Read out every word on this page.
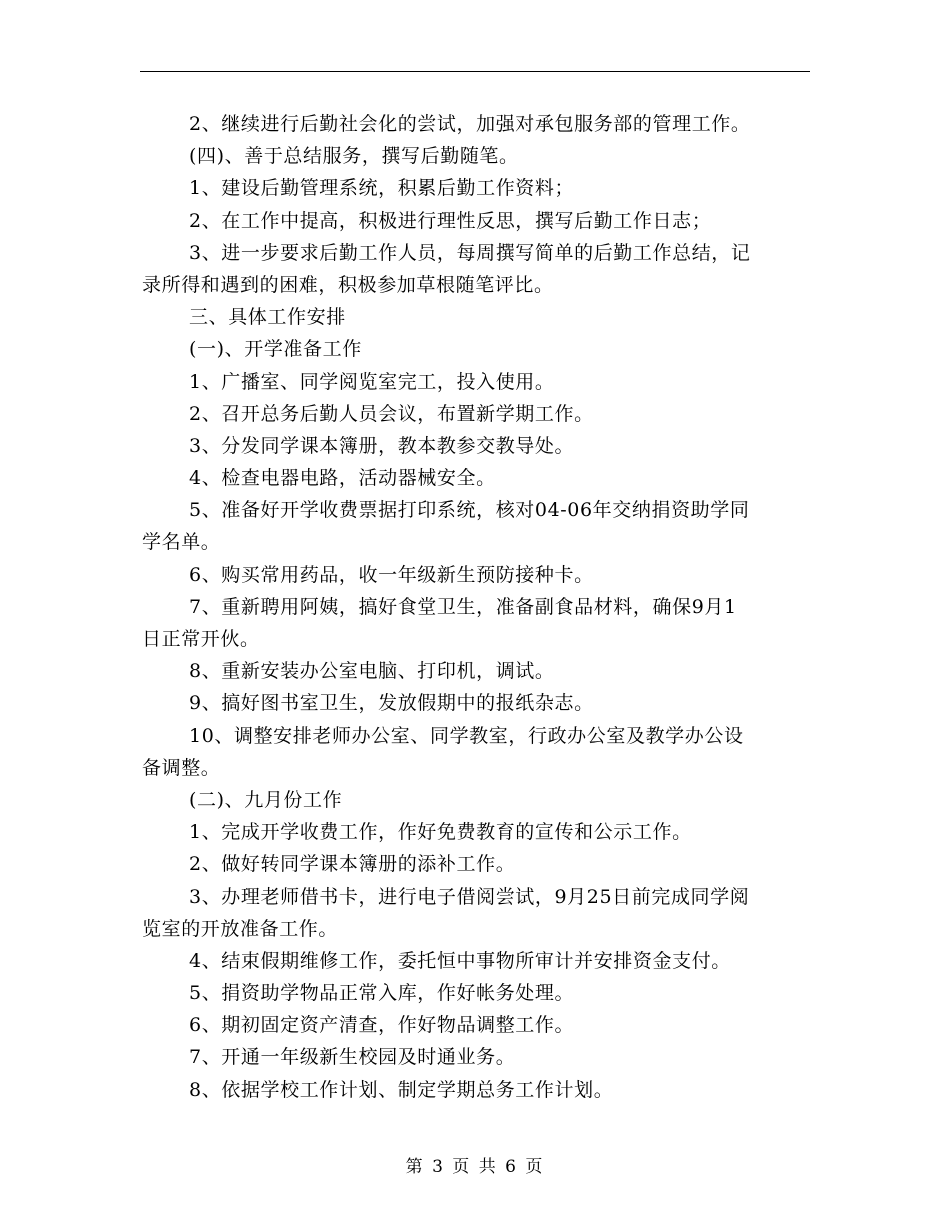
2、继续进行后勤社会化的尝试，加强对承包服务部的管理工作。
(四)、善于总结服务，撰写后勤随笔。
1、建设后勤管理系统，积累后勤工作资料；
2、在工作中提高，积极进行理性反思，撰写后勤工作日志；
3、进一步要求后勤工作人员，每周撰写简单的后勤工作总结，记
录所得和遇到的困难，积极参加草根随笔评比。
三、具体工作安排
(一)、开学准备工作
1、广播室、同学阅览室完工，投入使用。
2、召开总务后勤人员会议，布置新学期工作。
3、分发同学课本簿册，教本教参交教导处。
4、检查电器电路，活动器械安全。
5、准备好开学收费票据打印系统，核对04-06年交纳捐资助学同
学名单。
6、购买常用药品，收一年级新生预防接种卡。
7、重新聘用阿姨，搞好食堂卫生，准备副食品材料，确保9月1
日正常开伙。
8、重新安装办公室电脑、打印机，调试。
9、搞好图书室卫生，发放假期中的报纸杂志。
10、调整安排老师办公室、同学教室，行政办公室及教学办公设
备调整。
(二)、九月份工作
1、完成开学收费工作，作好免费教育的宣传和公示工作。
2、做好转同学课本簿册的添补工作。
3、办理老师借书卡，进行电子借阅尝试，9月25日前完成同学阅
览室的开放准备工作。
4、结束假期维修工作，委托恒中事物所审计并安排资金支付。
5、捐资助学物品正常入库，作好帐务处理。
6、期初固定资产清查，作好物品调整工作。
7、开通一年级新生校园及时通业务。
8、依据学校工作计划、制定学期总务工作计划。
第 3 页 共 6 页
